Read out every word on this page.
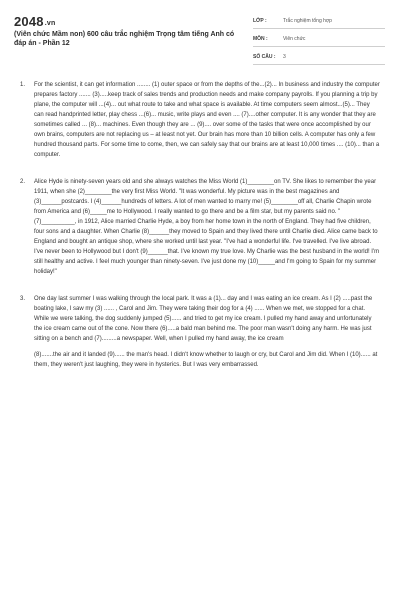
2048.vn
(Viên chức Mầm non) 600 câu trắc nghiệm Trọng tâm tiếng Anh có đáp án - Phần 12
LỚP :	Trắc nghiệm tổng hợp
MÔN :	Viên chức
SỐ CÂU :	3
1.	For the scientist, it can get information ........ (1) outer space or from the depths of the...(2)... In business and industry the computer prepares factory ....... (3).....keep track of sales trends and production needs and make company payrolls. If you planning a trip by plane, the computer will ...(4)... out what route to take and what space is available. At time computers seem almost...(5)... They can read handprinted letter, play chess ...(6)... music, write plays and even .... (7)....other computer. It is any wonder that they are sometimes called ... (8)... machines. Even though they are ... (9).... over some of the tasks that were once accomplished by our own brains, computers are not replacing us – at least not yet. Our brain has more than 10 billion cells. A computer has only a few hundred thousand parts. For some time to come, then, we can safely say that our brains are at least 10,000 times .... (10)... than a computer.

2.	Alice Hyde is ninety-seven years old and she always watches the Miss World (1)________on TV. She likes to remember the year 1911, when she (2)________the very first Miss World. "It was wonderful. My picture was in the best magazines and (3)______postcards. I (4)______hundreds of letters. A lot of men wanted to marry me! (5)________off all, Charlie Chapin wrote from America and (6)_____me to Hollywood. I really wanted to go there and be a film star, but my parents said no. " (7)__________, in 1912, Alice married Charlie Hyde, a boy from her home town in the north of England. They had five children, four sons and a daughter. When Charlie (8)______they moved to Spain and they lived there until Charlie died. Alice came back to England and bought an antique shop, where she worked until last year. "I've had a wonderful life. I've travelled. I've live abroad. I've never been to Hollywood but I don't (9)______that. I've known my true love. My Charlie was the best husband in the world! I'm still healthy and active. I feel much younger than ninety-seven. I've just done my (10)_____and I'm going to Spain for my summer holiday!"

3.	One day last summer I was walking through the local park. It was a (1)... day and I was eating an ice cream. As I (2) .....past the boating lake, I saw my (3) ...... , Carol and Jim. They were taking their dog for a (4) ...... When we met, we stopped for a chat. While we were talking, the dog suddenly jumped (5)...... and tried to get my ice cream. I pulled my hand away and unfortunately the ice cream came out of the cone. Now there (6).....a bald man behind me. The poor man wasn't doing any harm. He was just sitting on a bench and (7).........a newspaper. Well, when I pulled my hand away, the ice cream

(8).......the air and it landed (9)...... the man's head. I didn't know whether to laugh or cry, but Carol and Jim did. When I (10)...... at them, they weren't just laughing, they were in hysterics. But I was very embarrassed.
